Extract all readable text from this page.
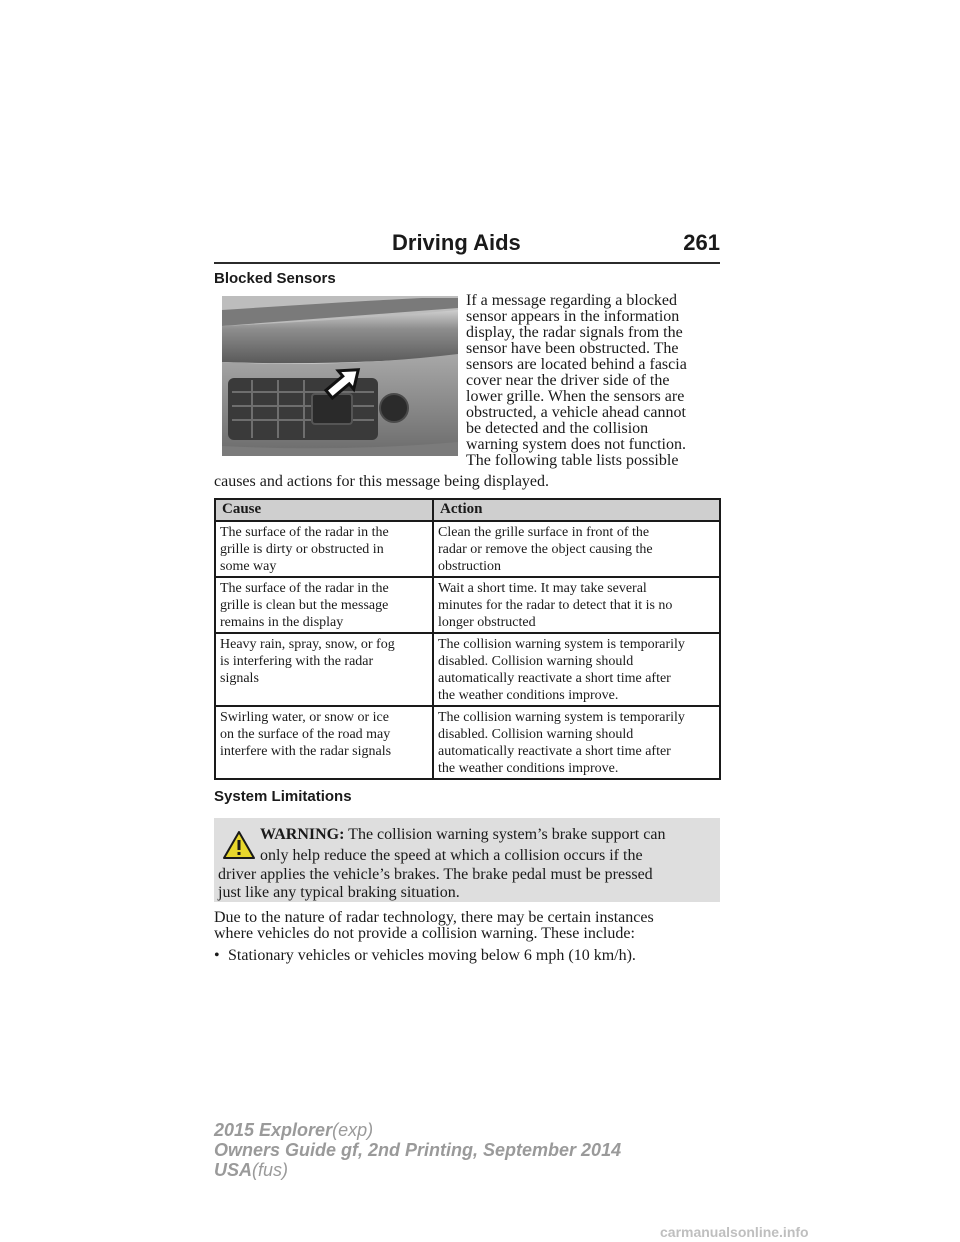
Driving Aids	261
Blocked Sensors

If a message regarding a blocked

sensor appears in the information

display, the radar signals from the

sensor have been obstructed. The

sensors are located behind a fascia

cover near the driver side of the

lower grille. When the sensors are

obstructed, a vehicle ahead cannot

be detected and the collision

warning system does not function.

The following table lists possible

causes and actions for this message being displayed.
Cause	Action
The surface of the radar in the
grille is dirty or obstructed in
some way	Clean the grille surface in front of the
radar or remove the object causing the
obstruction
The surface of the radar in the
grille is clean but the message
remains in the display	Wait a short time. It may take several
minutes for the radar to detect that it is no
longer obstructed
Heavy rain, spray, snow, or fog
is interfering with the radar
signals	The collision warning system is temporarily
disabled. Collision warning should
automatically reactivate a short time after
the weather conditions improve.
Swirling water, or snow or ice
on the surface of the road may
interfere with the radar signals	The collision warning system is temporarily
disabled. Collision warning should
automatically reactivate a short time after
the weather conditions improve.
System Limitations
WARNING: The collision warning system’s brake support can
only help reduce the speed at which a collision occurs if the
driver applies the vehicle’s brakes. The brake pedal must be pressed
just like any typical braking situation.
Due to the nature of radar technology, there may be certain instances
where vehicles do not provide a collision warning. These include:
• Stationary vehicles or vehicles moving below 6 mph (10 km/h).
2015 Explorer(exp)
Owners Guide gf, 2nd Printing, September 2014
USA(fus)
carmanualsonline.info
